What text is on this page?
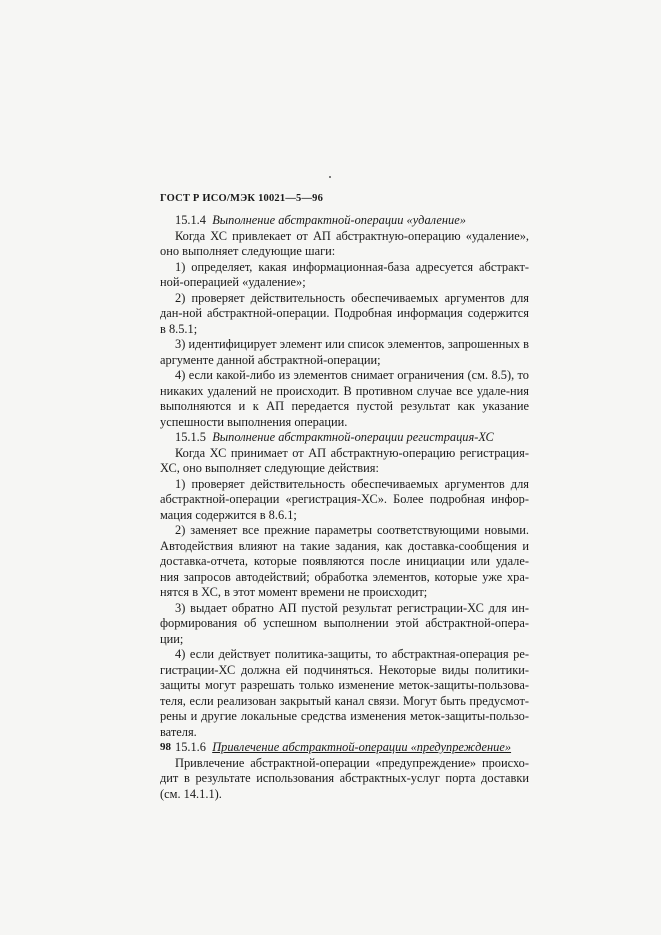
ГОСТ Р ИСО/МЭК 10021—5—96

15.1.4 Выполнение абстрактной-операции «удаление»

Когда ХС привлекает от АП абстрактную-операцию «удаление», оно выполняет следующие шаги:

1) определяет, какая информационная-база адресуется абстракт-ной-операцией «удаление»;

2) проверяет действительность обеспечиваемых аргументов для дан-ной абстрактной-операции. Подробная информация содержится в 8.5.1;

3) идентифицирует элемент или список элементов, запрошенных в аргументе данной абстрактной-операции;

4) если какой-либо из элементов снимает ограничения (см. 8.5), то никаких удалений не происходит. В противном случае все удале-ния выполняются и к АП передается пустой результат как указание успешности выполнения операции.

15.1.5 Выполнение абстрактной-операции регистрация-ХС

Когда ХС принимает от АП абстрактную-операцию регистрация-ХС, оно выполняет следующие действия:

1) проверяет действительность обеспечиваемых аргументов для абстрактной-операции «регистрация-ХС». Более подробная инфор-мация содержится в 8.6.1;

2) заменяет все прежние параметры соответствующими новыми. Автодействия влияют на такие задания, как доставка-сообщения и доставка-отчета, которые появляются после инициации или удале-ния запросов автодействий; обработка элементов, которые уже хра-нятся в ХС, в этот момент времени не происходит;

3) выдает обратно АП пустой результат регистрации-ХС для ин-формирования об успешном выполнении этой абстрактной-опера-ции;

4) если действует политика-защиты, то абстрактная-операция ре-гистрации-ХС должна ей подчиняться. Некоторые виды политики-защиты могут разрешать только изменение меток-защиты-пользова-теля, если реализован закрытый канал связи. Могут быть предусмот-рены и другие локальные средства изменения меток-защиты-пользо-вателя.

15.1.6 Привлечение абстрактной-операции «предупреждение»

Привлечение абстрактной-операции «предупреждение» происхо-дит в результате использования абстрактных-услуг порта доставки (см. 14.1.1).

98
